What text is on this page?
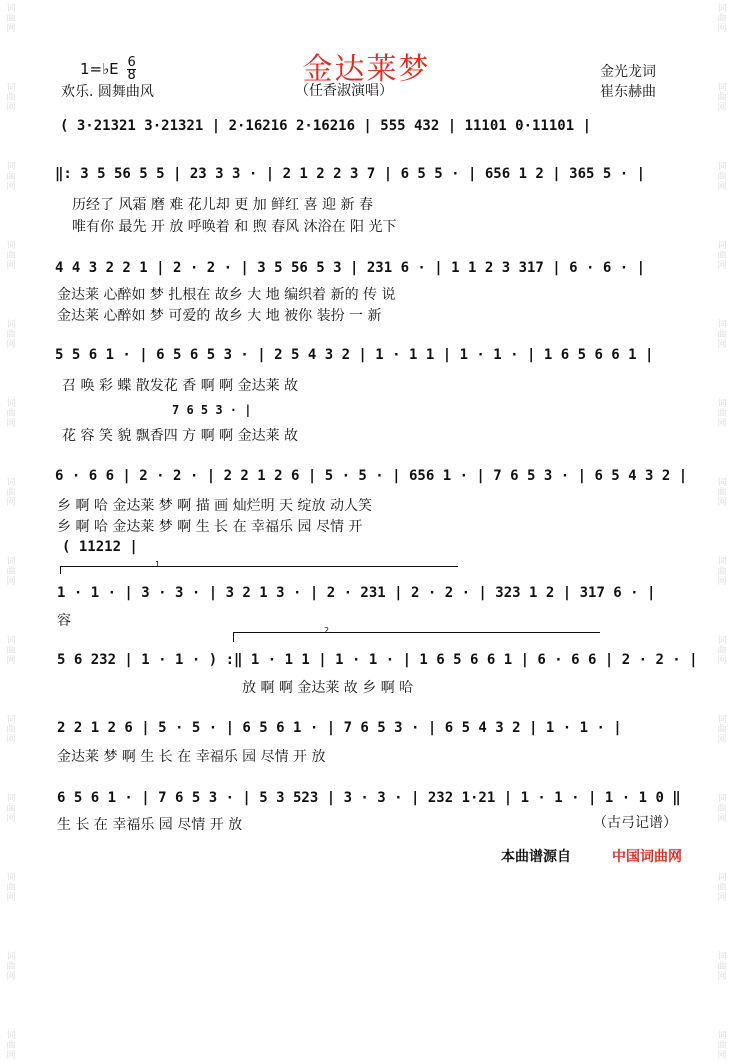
词
曲
网
词
曲
网
词
曲
网
词
曲
网
词
曲
网
词
曲
网
词
曲
网
词
曲
网
词
曲
网
词
曲
网
词
曲
网
词
曲
网
词
曲
网
词
曲
网
词
曲
网
词
曲
网
词
曲
网
词
曲
网
词
曲
网
词
曲
网
词
曲
网
词
曲
网
词
曲
网
词
曲
网
词
曲
网
词
曲
网
词
曲
网
词
曲
网
1=♭E $\frac{6}{8}$	金达莱梦
（任香淑演唱）
欢乐. 圆舞曲风
金光龙词
崔东赫曲
( 3·21321 3·21321 | 2·16216 2·16216 | 555 432 | 11101 0·11101 |
‖: 3 5 56 5 5 | 23 3 3 · | 2 1 2 2 3 7 | 6 5 5 · | 656 1 2 | 365 5 · |
历经了 风霜 磨 难 花儿却 更 加 鲜红 喜 迎 新 春
唯有你 最先 开 放 呼唤着 和 煦 春风 沐浴在 阳 光下
4 4 3 2 2 1 | 2 · 2 · | 3 5 56 5 3 | 231 6 · | 1 1 2 3 317 | 6 · 6 · |
金达莱 心醉如 梦 扎根在 故乡 大 地 编织着 新的 传 说
金达莱 心醉如 梦 可爱的 故乡 大 地 被你 装扮 一 新
5 5 6 1 · | 6 5 6 5 3 · | 2 5 4 3 2 | 1 · 1 1 | 1 · 1 · | 1 6 5 6 6 1 |
召 唤 彩 蝶 散发花 香 啊 啊 金达莱 故
7 6 5 3 · |
花 容 笑 貌 飘香四 方 啊 啊 金达莱 故
6 · 6 6 | 2 · 2 · | 2 2 1 2 6 | 5 · 5 · | 656 1 · | 7 6 5 3 · | 6 5 4 3 2 |
乡 啊 哈 金达莱 梦 啊 描 画 灿烂明 天 绽放 动人笑
乡 啊 哈 金达莱 梦 啊 生 长 在 幸福乐 园 尽情 开
( 11212 |
1
1 · 1 · | 3 · 3 · | 3 2 1 3 · | 2 · 231 | 2 · 2 · | 323 1 2 | 317 6 · |
容
2
5 6 232 | 1 · 1 · ) :‖ 1 · 1 1 | 1 · 1 · | 1 6 5 6 6 1 | 6 · 6 6 | 2 · 2 · |
放 啊 啊 金达莱 故 乡 啊 哈
2 2 1 2 6 | 5 · 5 · | 6 5 6 1 · | 7 6 5 3 · | 6 5 4 3 2 | 1 · 1 · |
金达莱 梦 啊 生 长 在 幸福乐 园 尽情 开 放
6 5 6 1 · | 7 6 5 3 · | 5 3 523 | 3 · 3 · | 232 1·21 | 1 · 1 · | 1 · 1 0 ‖
生 长 在 幸福乐 园 尽情 开 放	（古弓记谱）
本曲谱源自	中国词曲网
